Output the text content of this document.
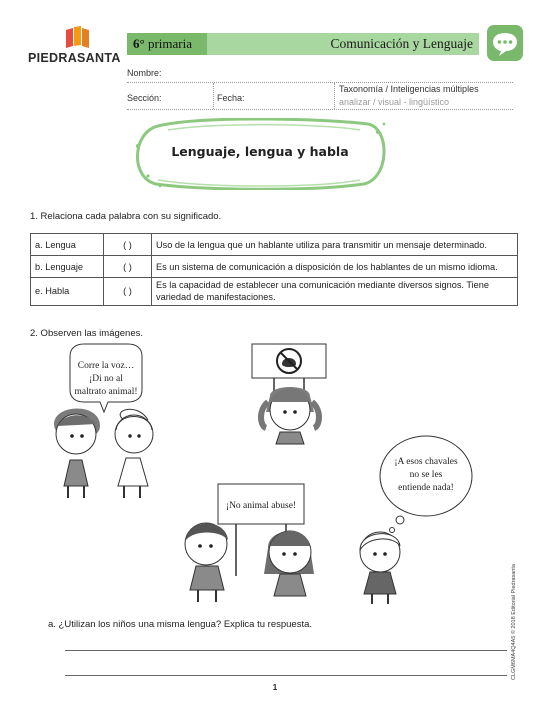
PIEDRASANTA
6° primaria	Comunicación y Lenguaje
Nombre:
Sección:	Fecha:
Taxonomía / Inteligencias múltiples
analizar / visual - lingüístico
Lenguaje, lengua y habla
1. Relaciona cada palabra con su significado.
a. Lengua	( )	Uso de la lengua que un hablante utiliza para transmitir un mensaje determinado.
b. Lenguaje	( )	Es un sistema de comunicación a disposición de los hablantes de un mismo idioma.
e. Habla	( )	Es la capacidad de establecer una comunicación mediante diversos signos. Tiene variedad de manifestaciones.
2. Observen las imágenes.
Corre la voz…
¡Di no al
maltrato animal!
¡A esos chavales
no se les
entiende nada!
¡No animal abuse!
a. ¿Utilizan los niños una misma lengua? Explica tu respuesta.
1
CLGM6MA4Q4A5 © 2018 Editorial Piedrasanta
